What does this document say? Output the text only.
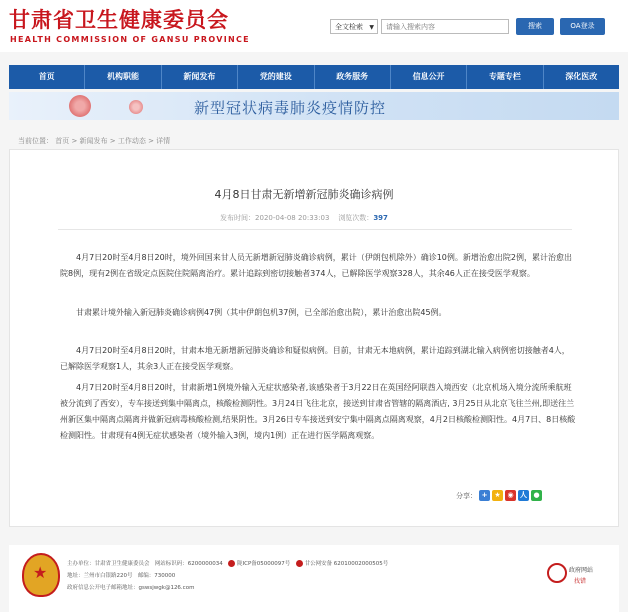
甘肃省卫生健康委员会
HEALTH COMMISSION OF GANSU PROVINCE
全文检索 ▼
请输入搜索内容	搜索	OA登录
首页	机构职能	新闻发布	党的建设	政务服务	信息公开	专题专栏	深化医改
新型冠状病毒肺炎疫情防控
当前位置： 首页 > 新闻发布 > 工作动态 > 详情
4月8日甘肃无新增新冠肺炎确诊病例
发布时间：2020-04-08 20:33:03 浏览次数：397

4月7日20时至4月8日20时，境外回国来甘人员无新增新冠肺炎确诊病例，累计（伊朗包机除外）确诊10例。新增治愈出院2例，累计治愈出院8例，现有2例在省级定点医院住院隔离治疗。累计追踪到密切接触者374人，已解除医学观察328人，其余46人正在接受医学观察。

甘肃累计境外输入新冠肺炎确诊病例47例（其中伊朗包机37例，已全部治愈出院），累计治愈出院45例。

4月7日20时至4月8日20时，甘肃本地无新增新冠肺炎确诊和疑似病例。目前，甘肃无本地病例，累计追踪到湖北输入病例密切接触者4人，已解除医学观察1人，其余3人正在接受医学观察。

4月7日20时至4月8日20时，甘肃新增1例境外输入无症状感染者,该感染者于3月22日在英国经阿联酋入境西安（北京机场入境分流所乘航班被分流到了西安），专车接送到集中隔离点，核酸检测阴性。3月24日飞往北京，接送到甘肃省管辖的隔离酒店, 3月25日从北京飞往兰州,即送往兰州新区集中隔离点隔离并做新冠病毒核酸检测,结果阴性。3月26日专车接送到安宁集中隔离点隔离观察，4月2日核酸检测阳性。4月7日、8日核酸检测阳性。甘肃现有4例无症状感染者（境外输入3例，境内1例）正在进行医学隔离观察。

分享： + ★ ◉ 人 ●
★	主办单位：甘肃省卫生健康委员会 网站标识码：6200000034	陇ICP备05000097号	甘公网安备 62010002000505号
地址：兰州市白银路220号 邮编：730000
政府信息公开电子邮箱地址：gswsjwgk@126.com
政府网站
找错
